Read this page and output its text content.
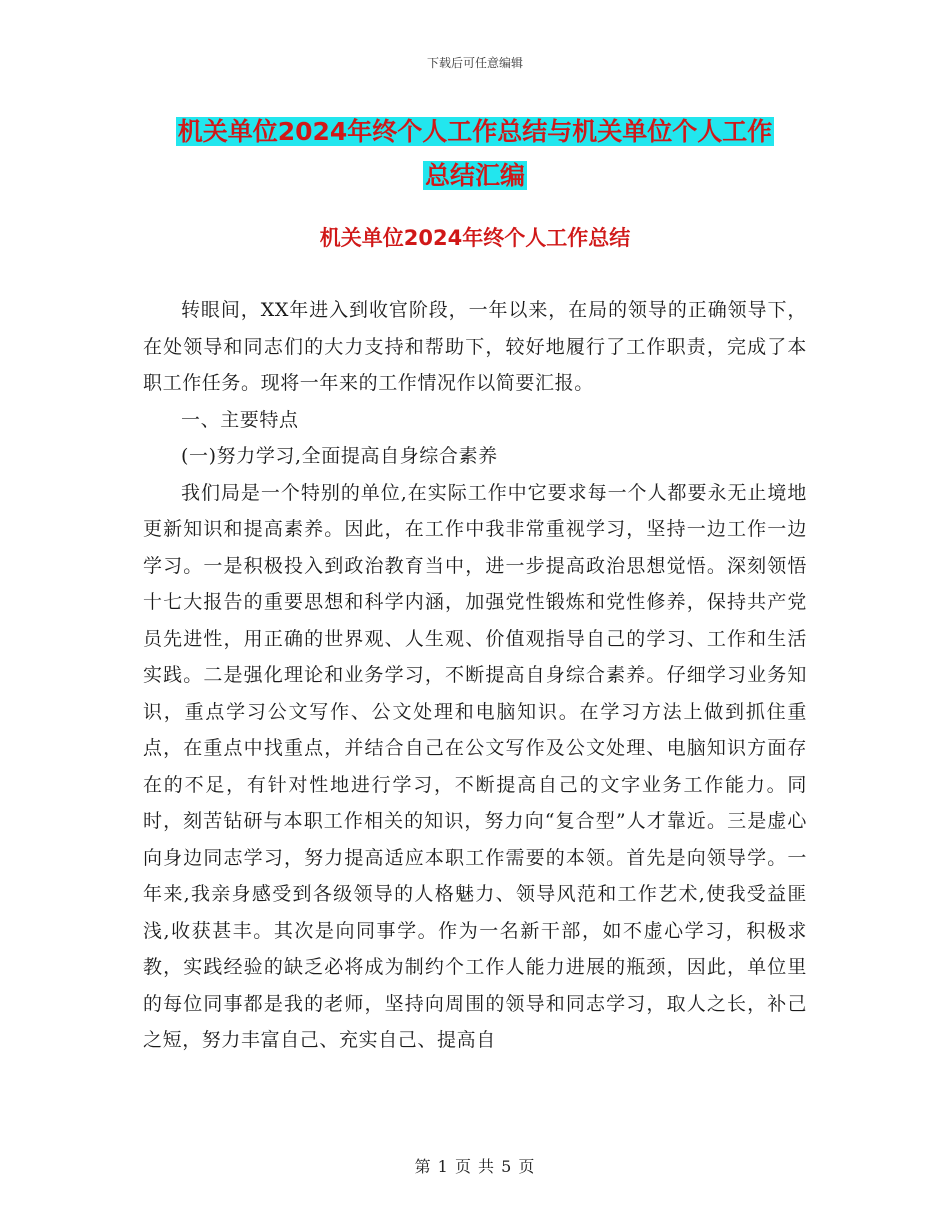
下载后可任意编辑
机关单位2024年终个人工作总结与机关单位个人工作
总结汇编
机关单位2024年终个人工作总结

转眼间，XX年进入到收官阶段，一年以来，在局的领导的正确领导下，在处领导和同志们的大力支持和帮助下，较好地履行了工作职责，完成了本职工作任务。现将一年来的工作情况作以简要汇报。

一、主要特点

(一)努力学习,全面提高自身综合素养

我们局是一个特别的单位,在实际工作中它要求每一个人都要永无止境地更新知识和提高素养。因此，在工作中我非常重视学习，坚持一边工作一边学习。一是积极投入到政治教育当中，进一步提高政治思想觉悟。深刻领悟十七大报告的重要思想和科学内涵，加强党性锻炼和党性修养，保持共产党员先进性，用正确的世界观、人生观、价值观指导自己的学习、工作和生活实践。二是强化理论和业务学习，不断提高自身综合素养。仔细学习业务知识，重点学习公文写作、公文处理和电脑知识。在学习方法上做到抓住重点，在重点中找重点，并结合自己在公文写作及公文处理、电脑知识方面存在的不足，有针对性地进行学习，不断提高自己的文字业务工作能力。同时，刻苦钻研与本职工作相关的知识，努力向“复合型”人才靠近。三是虚心向身边同志学习，努力提高适应本职工作需要的本领。首先是向领导学。一年来,我亲身感受到各级领导的人格魅力、领导风范和工作艺术,使我受益匪浅,收获甚丰。其次是向同事学。作为一名新干部，如不虚心学习，积极求教，实践经验的缺乏必将成为制约个工作人能力进展的瓶颈，因此，单位里的每位同事都是我的老师，坚持向周围的领导和同志学习，取人之长，补己之短，努力丰富自己、充实自己、提高自

第 1 页 共 5 页
